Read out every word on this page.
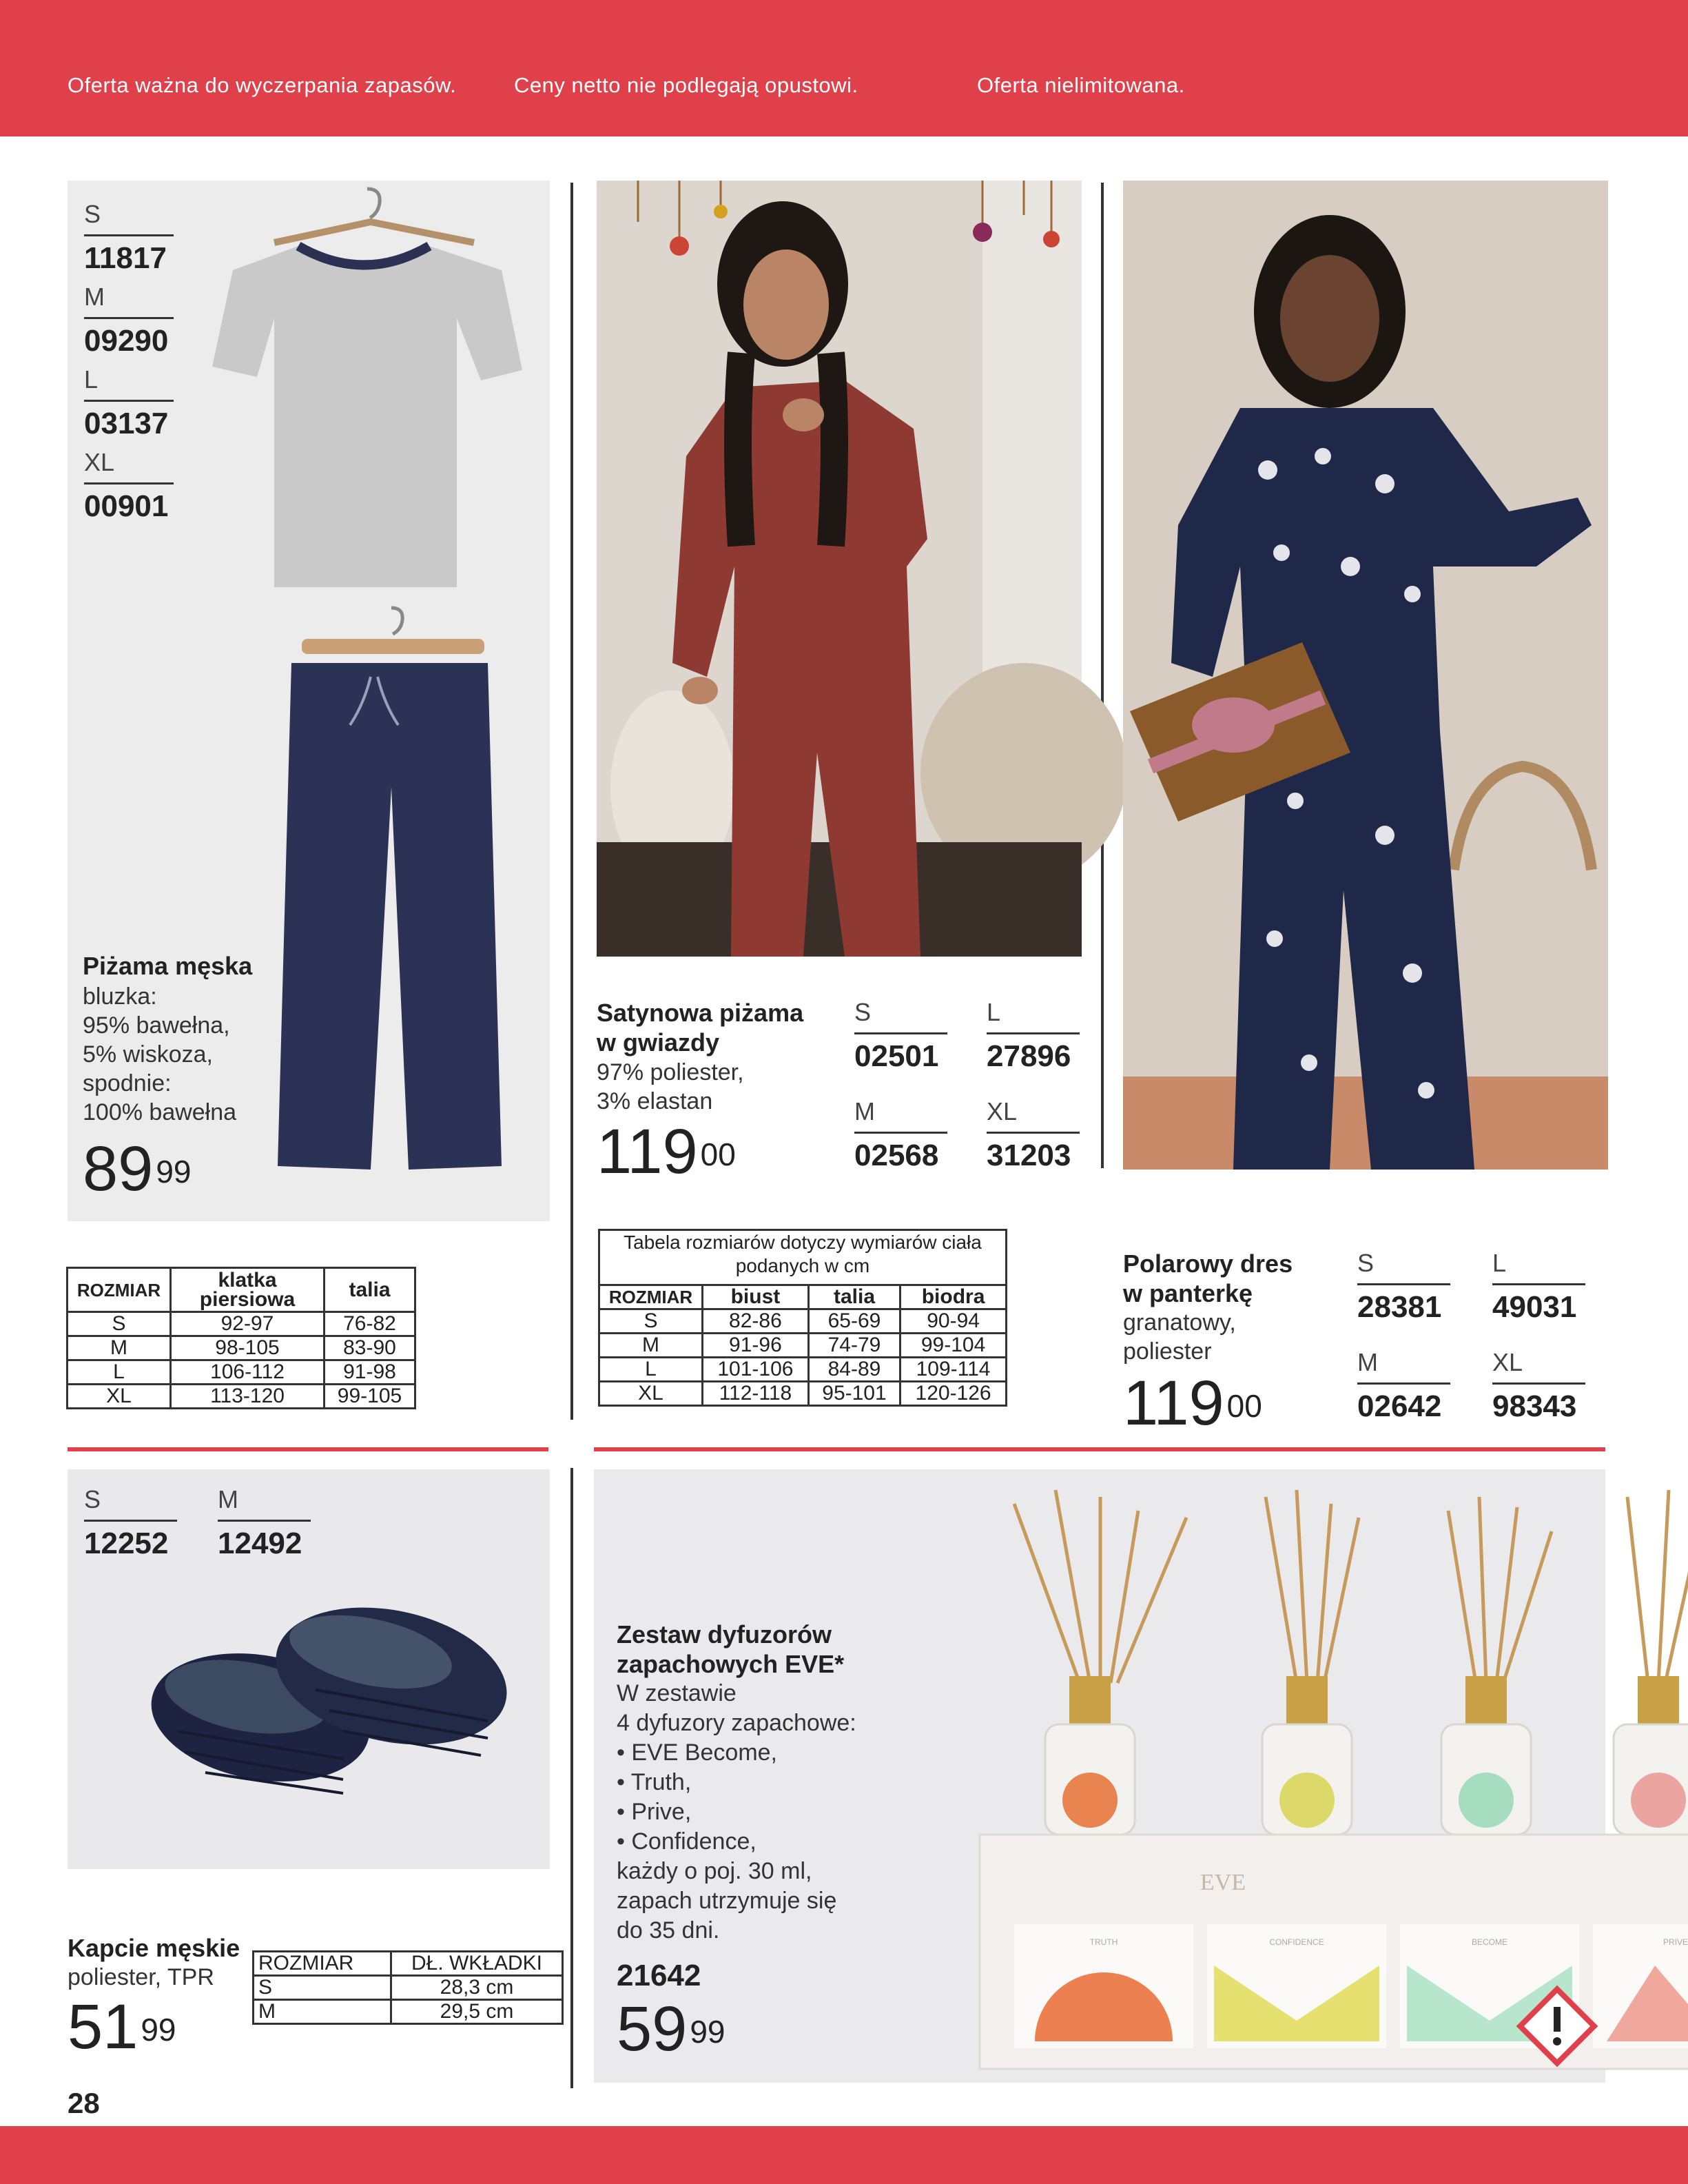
Oferta ważna do wyczerpania zapasów.	Ceny netto nie podlegają opustowi.	Oferta nielimitowana.
S
11817
M
09290
L
03137
XL
00901
Piżama męska
bluzka:
95% bawełna,
5% wiskoza,
spodnie:
100% bawełna
$89^{99}$
ROZMIAR	klatka piersiowa	talia
S	92-97	76-82
M	98-105	83-90
L	106-112	91-98
XL	113-120	99-105
Satynowa piżama
w gwiazdy
97% poliester,
3% elastan
$119^{00}$
S
02501
L
27896
M
02568
XL
31203
Tabela rozmiarów dotyczy wymiarów ciała podanych w cm
ROZMIAR	biust	talia	biodra
S	82-86	65-69	90-94
M	91-96	74-79	99-104
L	101-106	84-89	109-114
XL	112-118	95-101	120-126
Polarowy dres
w panterkę
granatowy,
poliester
$119^{00}$
S
28381
L
49031
M
02642
XL
98343
S
12252
M
12492
Kapcie męskie
poliester, TPR
$51^{99}$
ROZMIAR	DŁ. WKŁADKI
S	28,3 cm
M	29,5 cm
EVE
TRUTH	CONFIDENCE	BECOME	PRIVE
Zestaw dyfuzorów
zapachowych EVE*
W zestawie
4 dyfuzory zapachowe:
• EVE Become,
• Truth,
• Prive,
• Confidence,
każdy o poj. 30 ml,
zapach utrzymuje się
do 35 dni.
21642
$59^{99}$
28
